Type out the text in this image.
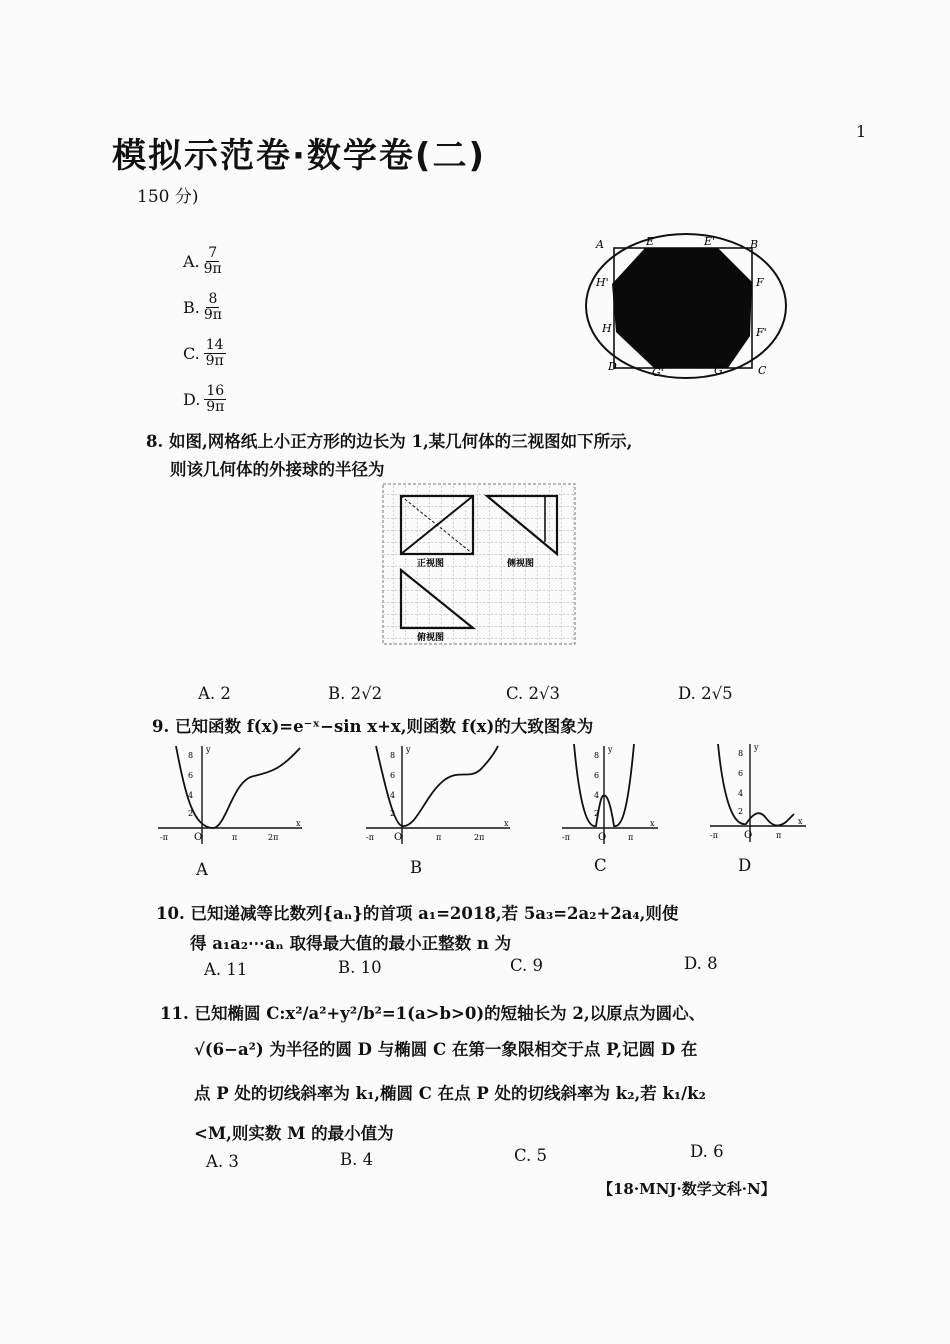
模拟示范卷·数学卷(二)
1
150 分)
A. $\frac{7}{9\pi}$
B. $\frac{8}{9\pi}$
C. $\frac{14}{9\pi}$
D. $\frac{16}{9\pi}$
A	E	E'	B
H'	F
H	F'
D	G'	G	C
8. 如图,网格纸上小正方形的边长为 1,某几何体的三视图如下所示,
则该几何体的外接球的半径为
正视图	侧视图
俯视图
A. 2	B. 2√2	C. 2√3	D. 2√5
9. 已知函数 f(x)=e⁻ˣ−sin x+x,则函数 f(x)的大致图象为
y
8
6
4
2
O
-π	π	2π
x
A
y
8
6
4
2
O
-π	π	2π
x
B
y
8
6
4
2
O
-π	π
x
C
y
8
6
4
2
O
-π	π
x
D
10. 已知递减等比数列{aₙ}的首项 a₁=2018,若 5a₃=2a₂+2a₄,则使
得 a₁a₂⋯aₙ 取得最大值的最小正整数 n 为
A. 11	B. 10	C. 9	D. 8
11. 已知椭圆 C:x²/a²+y²/b²=1(a>b>0)的短轴长为 2,以原点为圆心、
√(6−a²) 为半径的圆 D 与椭圆 C 在第一象限相交于点 P,记圆 D 在
点 P 处的切线斜率为 k₁,椭圆 C 在点 P 处的切线斜率为 k₂,若 k₁/k₂
<M,则实数 M 的最小值为
A. 3	B. 4	C. 5	D. 6
【18·MNJ·数学文科·N】
